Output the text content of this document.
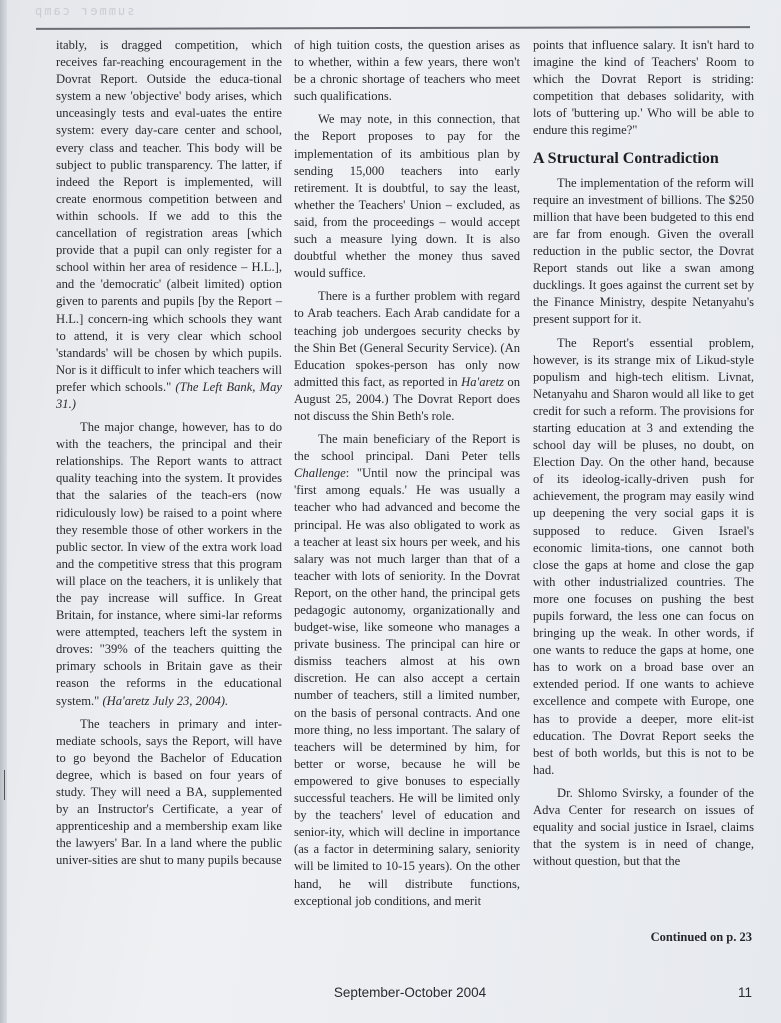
summer camp

itably, is dragged competition, which receives far-reaching encouragement in the Dovrat Report. Outside the educa-tional system a new 'objective' body arises, which unceasingly tests and eval-uates the entire system: every day-care center and school, every class and teacher. This body will be subject to public transparency. The latter, if indeed the Report is implemented, will create enormous competition between and within schools. If we add to this the cancellation of registration areas [which provide that a pupil can only register for a school within her area of residence – H.L.], and the 'democratic' (albeit limited) option given to parents and pupils [by the Report – H.L.] concern-ing which schools they want to attend, it is very clear which school 'standards' will be chosen by which pupils. Nor is it difficult to infer which teachers will prefer which schools." (The Left Bank, May 31.)

The major change, however, has to do with the teachers, the principal and their relationships. The Report wants to attract quality teaching into the system. It provides that the salaries of the teach-ers (now ridiculously low) be raised to a point where they resemble those of other workers in the public sector. In view of the extra work load and the competitive stress that this program will place on the teachers, it is unlikely that the pay increase will suffice. In Great Britain, for instance, where simi-lar reforms were attempted, teachers left the system in droves: "39% of the teachers quitting the primary schools in Britain gave as their reason the reforms in the educational system." (Ha'aretz July 23, 2004).

The teachers in primary and inter-mediate schools, says the Report, will have to go beyond the Bachelor of Education degree, which is based on four years of study. They will need a BA, supplemented by an Instructor's Certificate, a year of apprenticeship and a membership exam like the lawyers' Bar. In a land where the public univer-sities are shut to many pupils because

of high tuition costs, the question arises as to whether, within a few years, there won't be a chronic shortage of teachers who meet such qualifications.

We may note, in this connection, that the Report proposes to pay for the implementation of its ambitious plan by sending 15,000 teachers into early retirement. It is doubtful, to say the least, whether the Teachers' Union – excluded, as said, from the proceedings – would accept such a measure lying down. It is also doubtful whether the money thus saved would suffice.

There is a further problem with regard to Arab teachers. Each Arab candidate for a teaching job undergoes security checks by the Shin Bet (General Security Service). (An Education spokes-person has only now admitted this fact, as reported in Ha'aretz on August 25, 2004.) The Dovrat Report does not discuss the Shin Beth's role.

The main beneficiary of the Report is the school principal. Dani Peter tells Challenge: "Until now the principal was 'first among equals.' He was usually a teacher who had advanced and become the principal. He was also obligated to work as a teacher at least six hours per week, and his salary was not much larger than that of a teacher with lots of seniority. In the Dovrat Report, on the other hand, the principal gets pedagogic autonomy, organizationally and budget-wise, like someone who manages a private business. The principal can hire or dismiss teachers almost at his own discretion. He can also accept a certain number of teachers, still a limited number, on the basis of personal contracts. And one more thing, no less important. The salary of teachers will be determined by him, for better or worse, because he will be empowered to give bonuses to especially successful teachers. He will be limited only by the teachers' level of education and senior-ity, which will decline in importance (as a factor in determining salary, seniority will be limited to 10-15 years). On the other hand, he will distribute functions, exceptional job conditions, and merit

points that influence salary. It isn't hard to imagine the kind of Teachers' Room to which the Dovrat Report is striding: competition that debases solidarity, with lots of 'buttering up.' Who will be able to endure this regime?"

A Structural Contradiction

The implementation of the reform will require an investment of billions. The $250 million that have been budgeted to this end are far from enough. Given the overall reduction in the public sector, the Dovrat Report stands out like a swan among ducklings. It goes against the current set by the Finance Ministry, despite Netanyahu's present support for it.

The Report's essential problem, however, is its strange mix of Likud-style populism and high-tech elitism. Livnat, Netanyahu and Sharon would all like to get credit for such a reform. The provisions for starting education at 3 and extending the school day will be pluses, no doubt, on Election Day. On the other hand, because of its ideolog-ically-driven push for achievement, the program may easily wind up deepening the very social gaps it is supposed to reduce. Given Israel's economic limita-tions, one cannot both close the gaps at home and close the gap with other industrialized countries. The more one focuses on pushing the best pupils forward, the less one can focus on bringing up the weak. In other words, if one wants to reduce the gaps at home, one has to work on a broad base over an extended period. If one wants to achieve excellence and compete with Europe, one has to provide a deeper, more elit-ist education. The Dovrat Report seeks the best of both worlds, but this is not to be had.

Dr. Shlomo Svirsky, a founder of the Adva Center for research on issues of equality and social justice in Israel, claims that the system is in need of change, without question, but that the

Continued on p. 23
September-October 2004	11
